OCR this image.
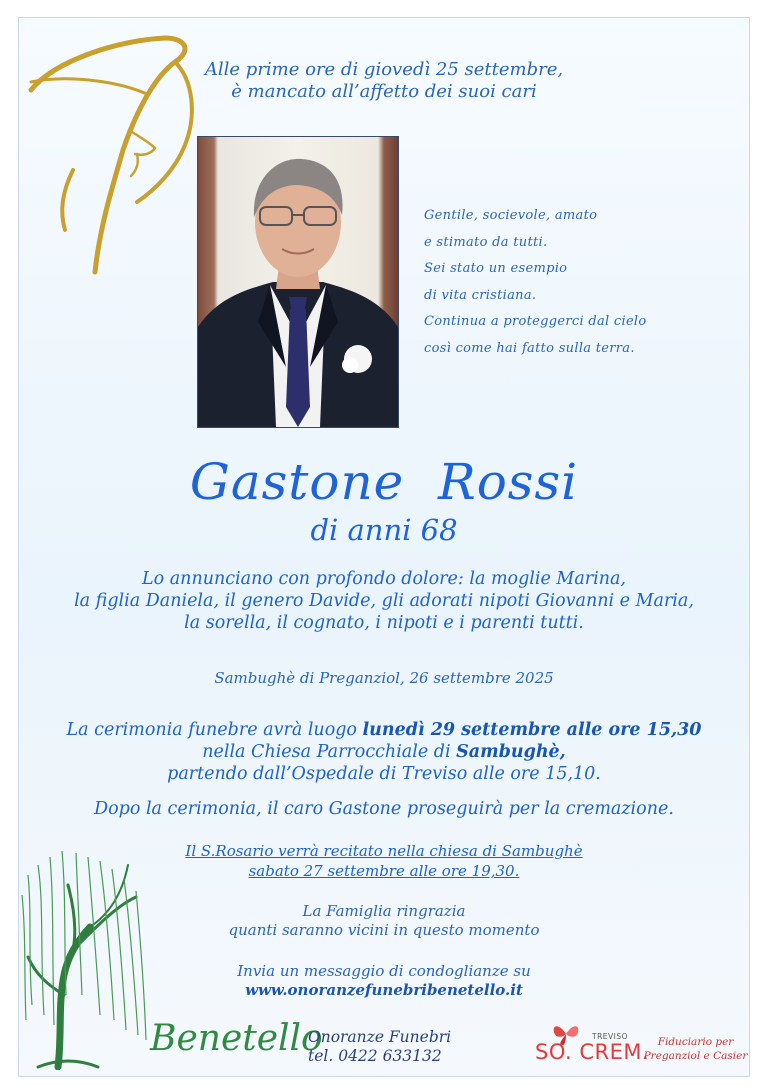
Alle prime ore di giovedì 25 settembre,
è mancato all’affetto dei suoi cari
Gentile, socievole, amato
e stimato da tutti.
Sei stato un esempio
di vita cristiana.
Continua a proteggerci dal cielo
così come hai fatto sulla terra.
Gastone  Rossi
di anni 68
Lo annunciano con profondo dolore: la moglie Marina,
la figlia Daniela, il genero Davide, gli adorati nipoti Giovanni e Maria,
la sorella, il cognato, i nipoti e i parenti tutti.
Sambughè di Preganziol, 26 settembre 2025
La cerimonia funebre avrà luogo lunedì 29 settembre alle ore 15,30
nella Chiesa Parrocchiale di Sambughè,
partendo dall’Ospedale di Treviso alle ore 15,10.
Dopo la cerimonia, il caro Gastone proseguirà per la cremazione.
Il S.Rosario verrà recitato nella chiesa di Sambughè
sabato 27 settembre alle ore 19,30.
La Famiglia ringrazia
quanti saranno vicini in questo momento
Invia un messaggio di condoglianze su
www.onoranzefunebribenetello.it
Benetello
Onoranze Funebri
tel. 0422 633132
TREVISO
SO. CREM. Fiduciario per
Preganziol e Casier
